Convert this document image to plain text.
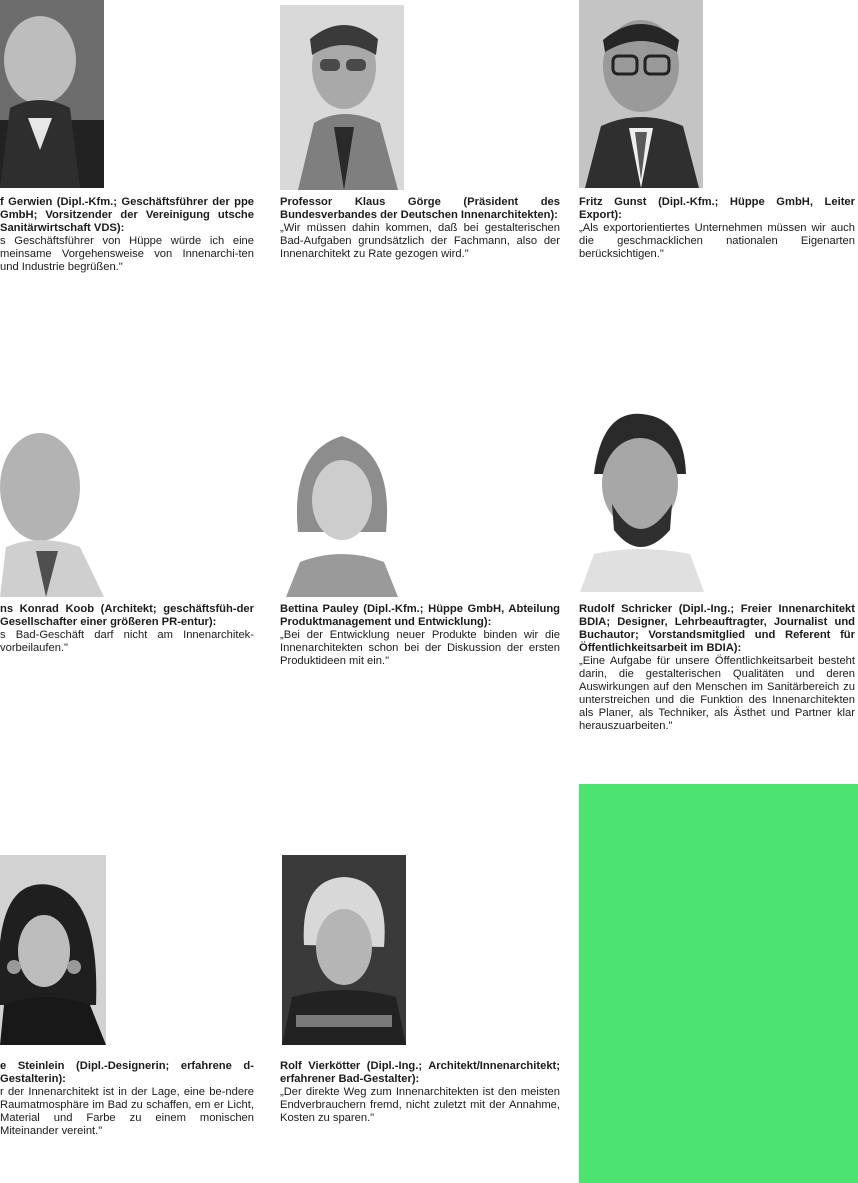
f Gerwien (Dipl.-Kfm.; Geschäftsführer der ppe GmbH; Vorsitzender der Vereinigung utsche Sanitärwirtschaft VDS):
s Geschäftsführer von Hüppe würde ich eine meinsame Vorgehensweise von Innenarchi-ten und Industrie begrüßen."
Professor Klaus Görge (Präsident des Bundesverbandes der Deutschen Innenarchitekten):
„Wir müssen dahin kommen, daß bei gestalterischen Bad-Aufgaben grundsätzlich der Fachmann, also der Innenarchitekt zu Rate gezogen wird."
Fritz Gunst (Dipl.-Kfm.; Hüppe GmbH, Leiter Export):
„Als exportorientiertes Unternehmen müssen wir auch die geschmacklichen nationalen Eigenarten berücksichtigen."
ns Konrad Koob (Architekt; geschäftsfüh-der Gesellschafter einer größeren PR-entur):
s Bad-Geschäft darf nicht am Innenarchitek-vorbeilaufen."
Bettina Pauley (Dipl.-Kfm.; Hüppe GmbH, Abteilung Produktmanagement und Entwicklung):
„Bei der Entwicklung neuer Produkte binden wir die Innenarchitekten schon bei der Diskussion der ersten Produktideen mit ein."
Rudolf Schricker (Dipl.-Ing.; Freier Innenarchitekt BDIA; Designer, Lehrbeauftragter, Journalist und Buchautor; Vorstandsmitglied und Referent für Öffentlichkeitsarbeit im BDIA):
„Eine Aufgabe für unsere Öffentlichkeitsarbeit besteht darin, die gestalterischen Qualitäten und deren Auswirkungen auf den Menschen im Sanitärbereich zu unterstreichen und die Funktion des Innenarchitekten als Planer, als Techniker, als Ästhet und Partner klar herauszuarbeiten."
e Steinlein (Dipl.-Designerin; erfahrene d-Gestalterin):
r der Innenarchitekt ist in der Lage, eine be-ndere Raumatmosphäre im Bad zu schaffen, em er Licht, Material und Farbe zu einem monischen Miteinander vereint."
Rolf Vierkötter (Dipl.-Ing.; Architekt/Innenarchitekt; erfahrener Bad-Gestalter):
„Der direkte Weg zum Innenarchitekten ist den meisten Endverbrauchern fremd, nicht zuletzt mit der Annahme, Kosten zu sparen."
